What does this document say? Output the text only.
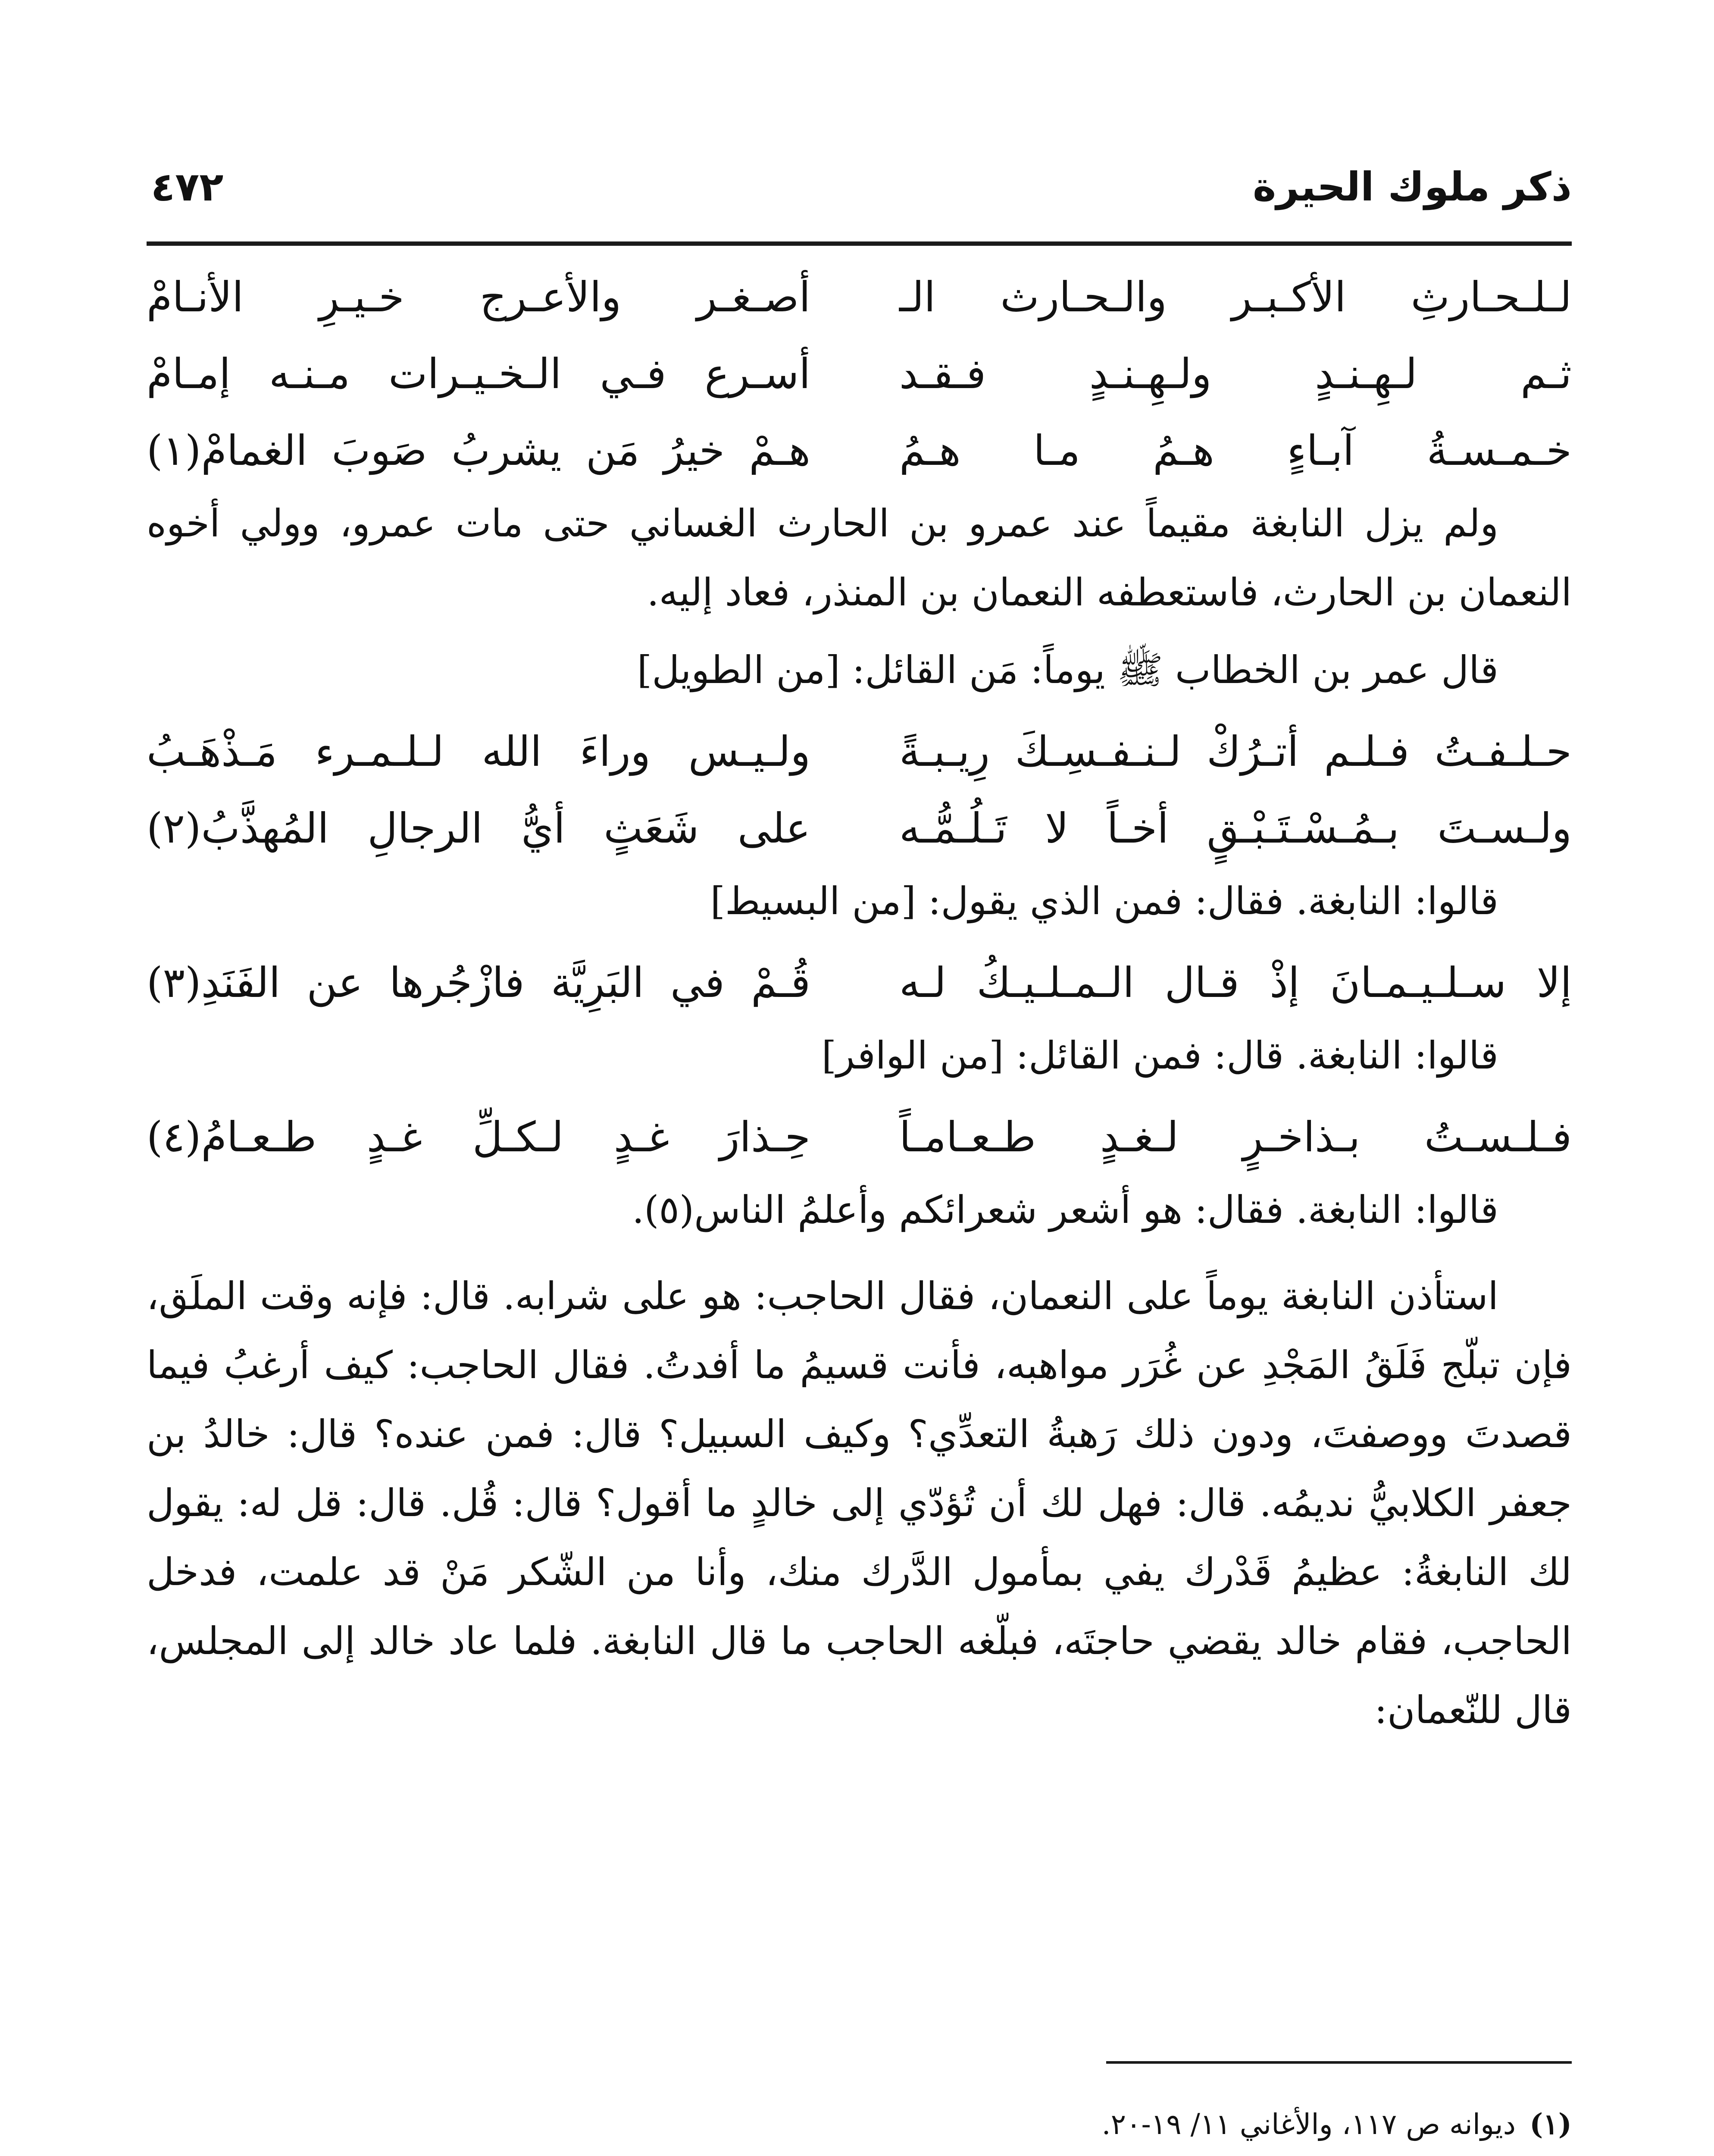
ذكر ملوك الحيرة
٤٧٢
لـلـحـارثِ
الأكـبـر
والـحـارث
الـ
أصـغـر
والأعـرج
خـيـرِ
الأنـامْ
ثـم
لـهِـنـدٍ
ولـهِـنـدٍ
فـقـد
أسـرع
فـي
الـخـيـرات
مـنـه
إمـامْ
خـمـسـةُ
آبـاءٍ
هـمُ
مـا
هـمُ
هـمْ
خيرُ
مَن
يشربُ
صَوبَ
الغمامْ(١)

ولم يزل النابغة مقيماً عند عمرو بن الحارث الغساني حتى مات عمرو، وولي أخوه النعمان بن الحارث، فاستعطفه النعمان بن المنذر، فعاد إليه.

قال عمر بن الخطاب ﷺ يوماً: مَن القائل: [من الطويل]

حـلـفـتُ
فـلـم
أتـرُكْ
لـنـفـسِـكَ
رِيـبـةً
ولـيـس
وراءَ
الله
لـلـمـرء
مَـذْهَـبُ
ولـسـتَ
بـمُـسْـتَـبْـقٍ
أخـاً
لا
تَـلُـمُّـه
على
شَعَثٍ
أيُّ
الرجالِ
المُهذَّبُ(٢)

قالوا: النابغة. فقال: فمن الذي يقول: [من البسيط]

إلا
سـلـيـمـانَ
إذْ
قـال
الـمـلـيـكُ
لـه
قُـمْ
في
البَرِيَّة
فازْجُرها
عن
الفَنَدِ(٣)

قالوا: النابغة. قال: فمن القائل: [من الوافر]

فـلـسـتُ
بـذاخـرٍ
لـغـدٍ
طـعـامـاً
حِـذارَ
غـدٍ
لـكـلِّ
غـدٍ
طـعـامُ(٤)

قالوا: النابغة. فقال: هو أشعر شعرائكم وأعلمُ الناس(٥).

استأذن النابغة يوماً على النعمان، فقال الحاجب: هو على شرابه. قال: فإنه وقت الملَق، فإن تبلّج فَلَقُ المَجْدِ عن غُرَر مواهبه، فأنت قسيمُ ما أفدتُ. فقال الحاجب: كيف أرغبُ فيما قصدتَ ووصفتَ، ودون ذلك رَهبةُ التعدِّي؟ وكيف السبيل؟ قال: فمن عنده؟ قال: خالدُ بن جعفر الكلابيُّ نديمُه. قال: فهل لك أن تُؤدّي إلى خالدٍ ما أقول؟ قال: قُل. قال: قل له: يقول لك النابغةُ: عظيمُ قَدْرك يفي بمأمول الدَّرك منك، وأنا من الشّكر مَنْ قد علمت، فدخل الحاجب، فقام خالد يقضي حاجتَه، فبلّغه الحاجب ما قال النابغة. فلما عاد خالد إلى المجلس، قال للنّعمان:

(١)ديوانه ص ١١٧، والأغاني ١١/ ١٩-٢٠.
